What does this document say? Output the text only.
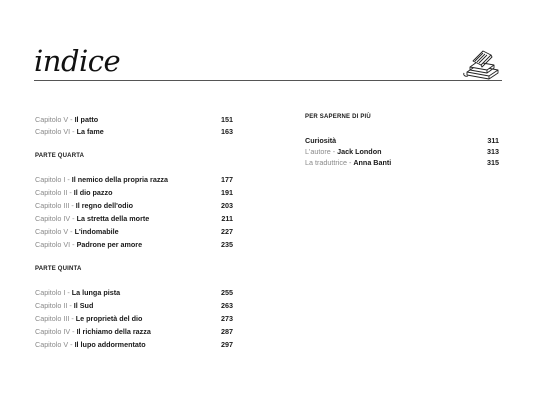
indice
Capitolo V - Il patto	151
Capitolo VI - La fame	163
PARTE QUARTA
Capitolo I - Il nemico della propria razza	177
Capitolo II - Il dio pazzo	191
Capitolo III - Il regno dell'odio	203
Capitolo IV - La stretta della morte	211
Capitolo V - L'indomabile	227
Capitolo VI - Padrone per amore	235
PARTE QUINTA
Capitolo I - La lunga pista	255
Capitolo II - Il Sud	263
Capitolo III - Le proprietà del dio	273
Capitolo IV - Il richiamo della razza	287
Capitolo V - Il lupo addormentato	297
PER SAPERNE DI PIÙ
Curiosità	311
L'autore - Jack London	313
La traduttrice - Anna Banti	315
